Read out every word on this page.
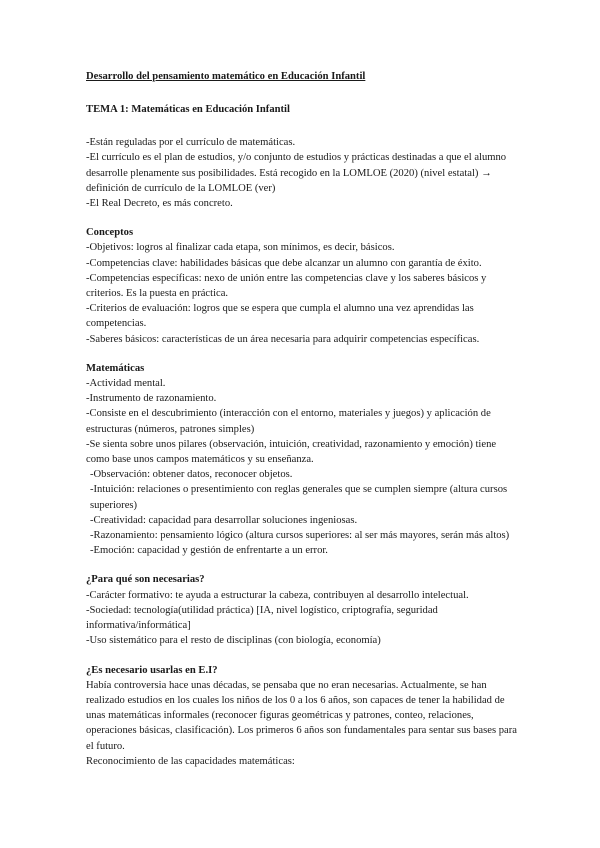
Desarrollo del pensamiento matemático en Educación Infantil

TEMA 1: Matemáticas en Educación Infantil

-Están reguladas por el currículo de matemáticas.
-El currículo es el plan de estudios, y/o conjunto de estudios y prácticas destinadas a que el alumno desarrolle plenamente sus posibilidades. Está recogido en la LOMLOE (2020) (nivel estatal) → definición de currículo de la LOMLOE (ver)
-El Real Decreto, es más concreto.
Conceptos
-Objetivos: logros al finalizar cada etapa, son mínimos, es decir, básicos.
-Competencias clave: habilidades básicas que debe alcanzar un alumno con garantía de éxito.
-Competencias específicas: nexo de unión entre las competencias clave y los saberes básicos y criterios. Es la puesta en práctica.
-Criterios de evaluación: logros que se espera que cumpla el alumno una vez aprendidas las competencias.
-Saberes básicos: características de un área necesaria para adquirir competencias específicas.
Matemáticas
-Actividad mental.
-Instrumento de razonamiento.
-Consiste en el descubrimiento (interacción con el entorno, materiales y juegos) y aplicación de estructuras (números, patrones simples)
-Se sienta sobre unos pilares (observación, intuición, creatividad, razonamiento y emoción) tiene como base unos campos matemáticos y su enseñanza.
-Observación: obtener datos, reconocer objetos.
-Intuición: relaciones o presentimiento con reglas generales que se cumplen siempre (altura cursos superiores)
-Creatividad: capacidad para desarrollar soluciones ingeniosas.
-Razonamiento: pensamiento lógico (altura cursos superiores: al ser más mayores, serán más altos)
-Emoción: capacidad y gestión de enfrentarte a un error.
¿Para qué son necesarias?
-Carácter formativo: te ayuda a estructurar la cabeza, contribuyen al desarrollo intelectual.
-Sociedad: tecnología(utilidad práctica) [IA, nivel logístico, criptografía, seguridad informativa/informática]
-Uso sistemático para el resto de disciplinas (con biología, economía)
¿Es necesario usarlas en E.I?
Había controversia hace unas décadas, se pensaba que no eran necesarias. Actualmente, se han realizado estudios en los cuales los niños de los 0 a los 6 años, son capaces de tener la habilidad de unas matemáticas informales (reconocer figuras geométricas y patrones, conteo, relaciones, operaciones básicas, clasificación). Los primeros 6 años son fundamentales para sentar sus bases para el futuro.
Reconocimiento de las capacidades matemáticas:
